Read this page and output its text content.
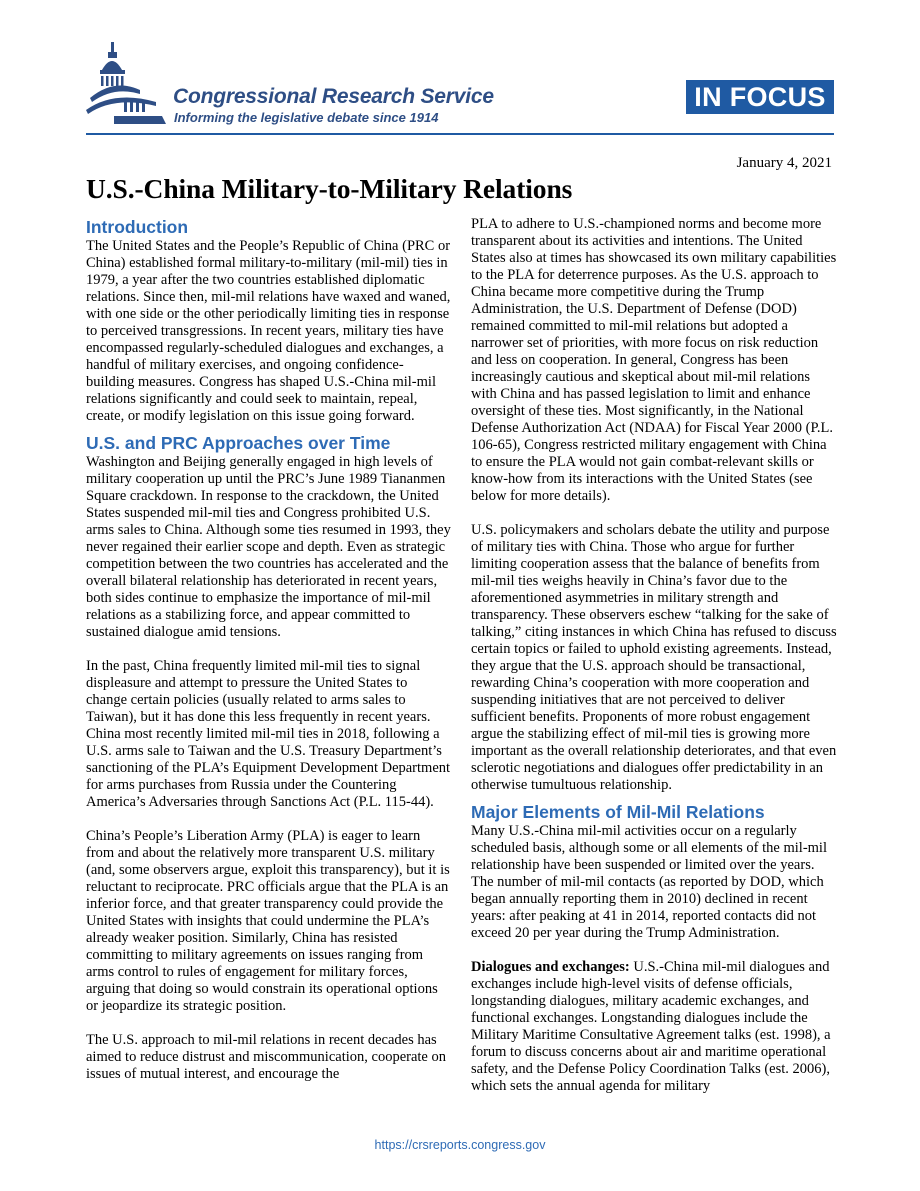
Congressional Research Service
Informing the legislative debate since 1914
IN FOCUS
January 4, 2021
U.S.-China Military-to-Military Relations
Introduction

The United States and the People’s Republic of China (PRC or China) established formal military-to-military (mil-mil) ties in 1979, a year after the two countries established diplomatic relations. Since then, mil-mil relations have waxed and waned, with one side or the other periodically limiting ties in response to perceived transgressions. In recent years, military ties have encompassed regularly-scheduled dialogues and exchanges, a handful of military exercises, and ongoing confidence-building measures. Congress has shaped U.S.-China mil-mil relations significantly and could seek to maintain, repeal, create, or modify legislation on this issue going forward.

U.S. and PRC Approaches over Time

Washington and Beijing generally engaged in high levels of military cooperation up until the PRC’s June 1989 Tiananmen Square crackdown. In response to the crackdown, the United States suspended mil-mil ties and Congress prohibited U.S. arms sales to China. Although some ties resumed in 1993, they never regained their earlier scope and depth. Even as strategic competition between the two countries has accelerated and the overall bilateral relationship has deteriorated in recent years, both sides continue to emphasize the importance of mil-mil relations as a stabilizing force, and appear committed to sustained dialogue amid tensions.

In the past, China frequently limited mil-mil ties to signal displeasure and attempt to pressure the United States to change certain policies (usually related to arms sales to Taiwan), but it has done this less frequently in recent years. China most recently limited mil-mil ties in 2018, following a U.S. arms sale to Taiwan and the U.S. Treasury Department’s sanctioning of the PLA’s Equipment Development Department for arms purchases from Russia under the Countering America’s Adversaries through Sanctions Act (P.L. 115-44).

China’s People’s Liberation Army (PLA) is eager to learn from and about the relatively more transparent U.S. military (and, some observers argue, exploit this transparency), but it is reluctant to reciprocate. PRC officials argue that the PLA is an inferior force, and that greater transparency could provide the United States with insights that could undermine the PLA’s already weaker position. Similarly, China has resisted committing to military agreements on issues ranging from arms control to rules of engagement for military forces, arguing that doing so would constrain its operational options or jeopardize its strategic position.

The U.S. approach to mil-mil relations in recent decades has aimed to reduce distrust and miscommunication, cooperate on issues of mutual interest, and encourage the

PLA to adhere to U.S.-championed norms and become more transparent about its activities and intentions. The United States also at times has showcased its own military capabilities to the PLA for deterrence purposes. As the U.S. approach to China became more competitive during the Trump Administration, the U.S. Department of Defense (DOD) remained committed to mil-mil relations but adopted a narrower set of priorities, with more focus on risk reduction and less on cooperation. In general, Congress has been increasingly cautious and skeptical about mil-mil relations with China and has passed legislation to limit and enhance oversight of these ties. Most significantly, in the National Defense Authorization Act (NDAA) for Fiscal Year 2000 (P.L. 106-65), Congress restricted military engagement with China to ensure the PLA would not gain combat-relevant skills or know-how from its interactions with the United States (see below for more details).

U.S. policymakers and scholars debate the utility and purpose of military ties with China. Those who argue for further limiting cooperation assess that the balance of benefits from mil-mil ties weighs heavily in China’s favor due to the aforementioned asymmetries in military strength and transparency. These observers eschew “talking for the sake of talking,” citing instances in which China has refused to discuss certain topics or failed to uphold existing agreements. Instead, they argue that the U.S. approach should be transactional, rewarding China’s cooperation with more cooperation and suspending initiatives that are not perceived to deliver sufficient benefits. Proponents of more robust engagement argue the stabilizing effect of mil-mil ties is growing more important as the overall relationship deteriorates, and that even sclerotic negotiations and dialogues offer predictability in an otherwise tumultuous relationship.

Major Elements of Mil-Mil Relations

Many U.S.-China mil-mil activities occur on a regularly scheduled basis, although some or all elements of the mil-mil relationship have been suspended or limited over the years. The number of mil-mil contacts (as reported by DOD, which began annually reporting them in 2010) declined in recent years: after peaking at 41 in 2014, reported contacts did not exceed 20 per year during the Trump Administration.

Dialogues and exchanges: U.S.-China mil-mil dialogues and exchanges include high-level visits of defense officials, longstanding dialogues, military academic exchanges, and functional exchanges. Longstanding dialogues include the Military Maritime Consultative Agreement talks (est. 1998), a forum to discuss concerns about air and maritime operational safety, and the Defense Policy Coordination Talks (est. 2006), which sets the annual agenda for military

https://crsreports.congress.gov
